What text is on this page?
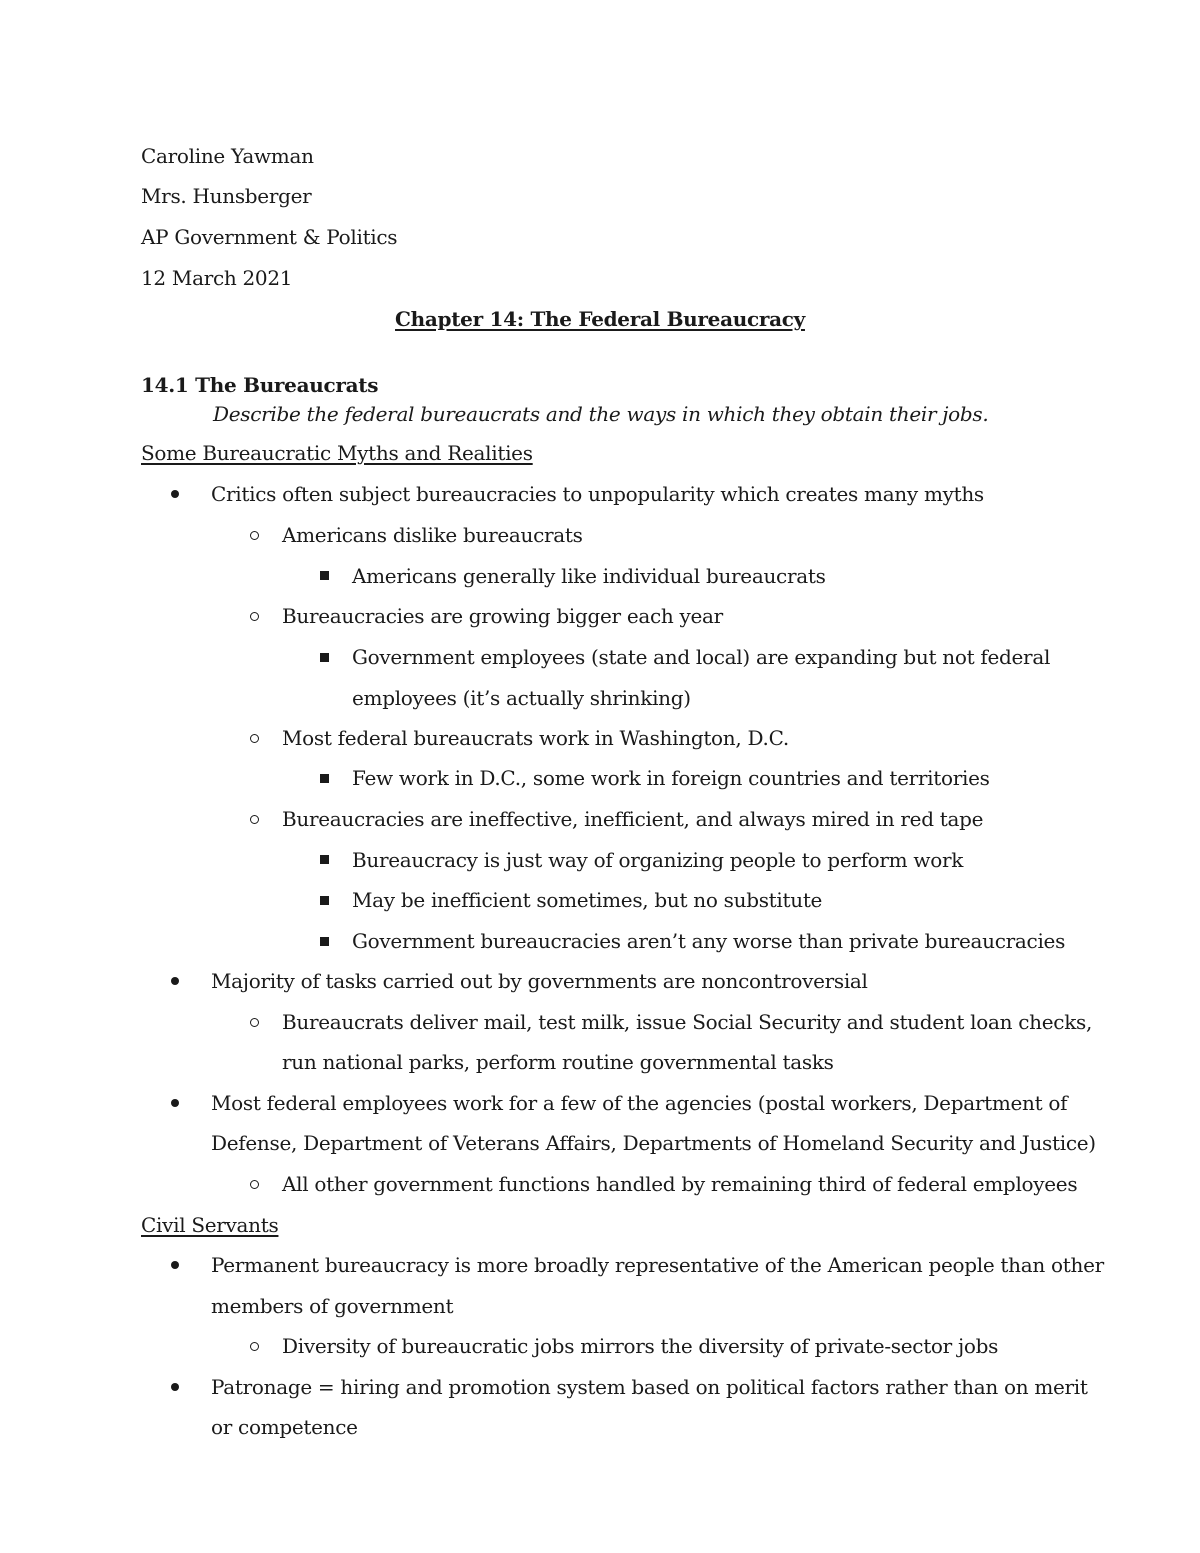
Caroline Yawman
Mrs. Hunsberger
AP Government & Politics
12 March 2021
Chapter 14: The Federal Bureaucracy
14.1 The Bureaucrats
Describe the federal bureaucrats and the ways in which they obtain their jobs.
Some Bureaucratic Myths and Realities
Critics often subject bureaucracies to unpopularity which creates many myths
Americans dislike bureaucrats
Americans generally like individual bureaucrats
Bureaucracies are growing bigger each year
Government employees (state and local) are expanding but not federal
employees (it’s actually shrinking)
Most federal bureaucrats work in Washington, D.C.
Few work in D.C., some work in foreign countries and territories
Bureaucracies are ineffective, inefficient, and always mired in red tape
Bureaucracy is just way of organizing people to perform work
May be inefficient sometimes, but no substitute
Government bureaucracies aren’t any worse than private bureaucracies
Majority of tasks carried out by governments are noncontroversial
Bureaucrats deliver mail, test milk, issue Social Security and student loan checks,
run national parks, perform routine governmental tasks
Most federal employees work for a few of the agencies (postal workers, Department of
Defense, Department of Veterans Affairs, Departments of Homeland Security and Justice)
All other government functions handled by remaining third of federal employees
Civil Servants
Permanent bureaucracy is more broadly representative of the American people than other
members of government
Diversity of bureaucratic jobs mirrors the diversity of private-sector jobs
Patronage = hiring and promotion system based on political factors rather than on merit
or competence
